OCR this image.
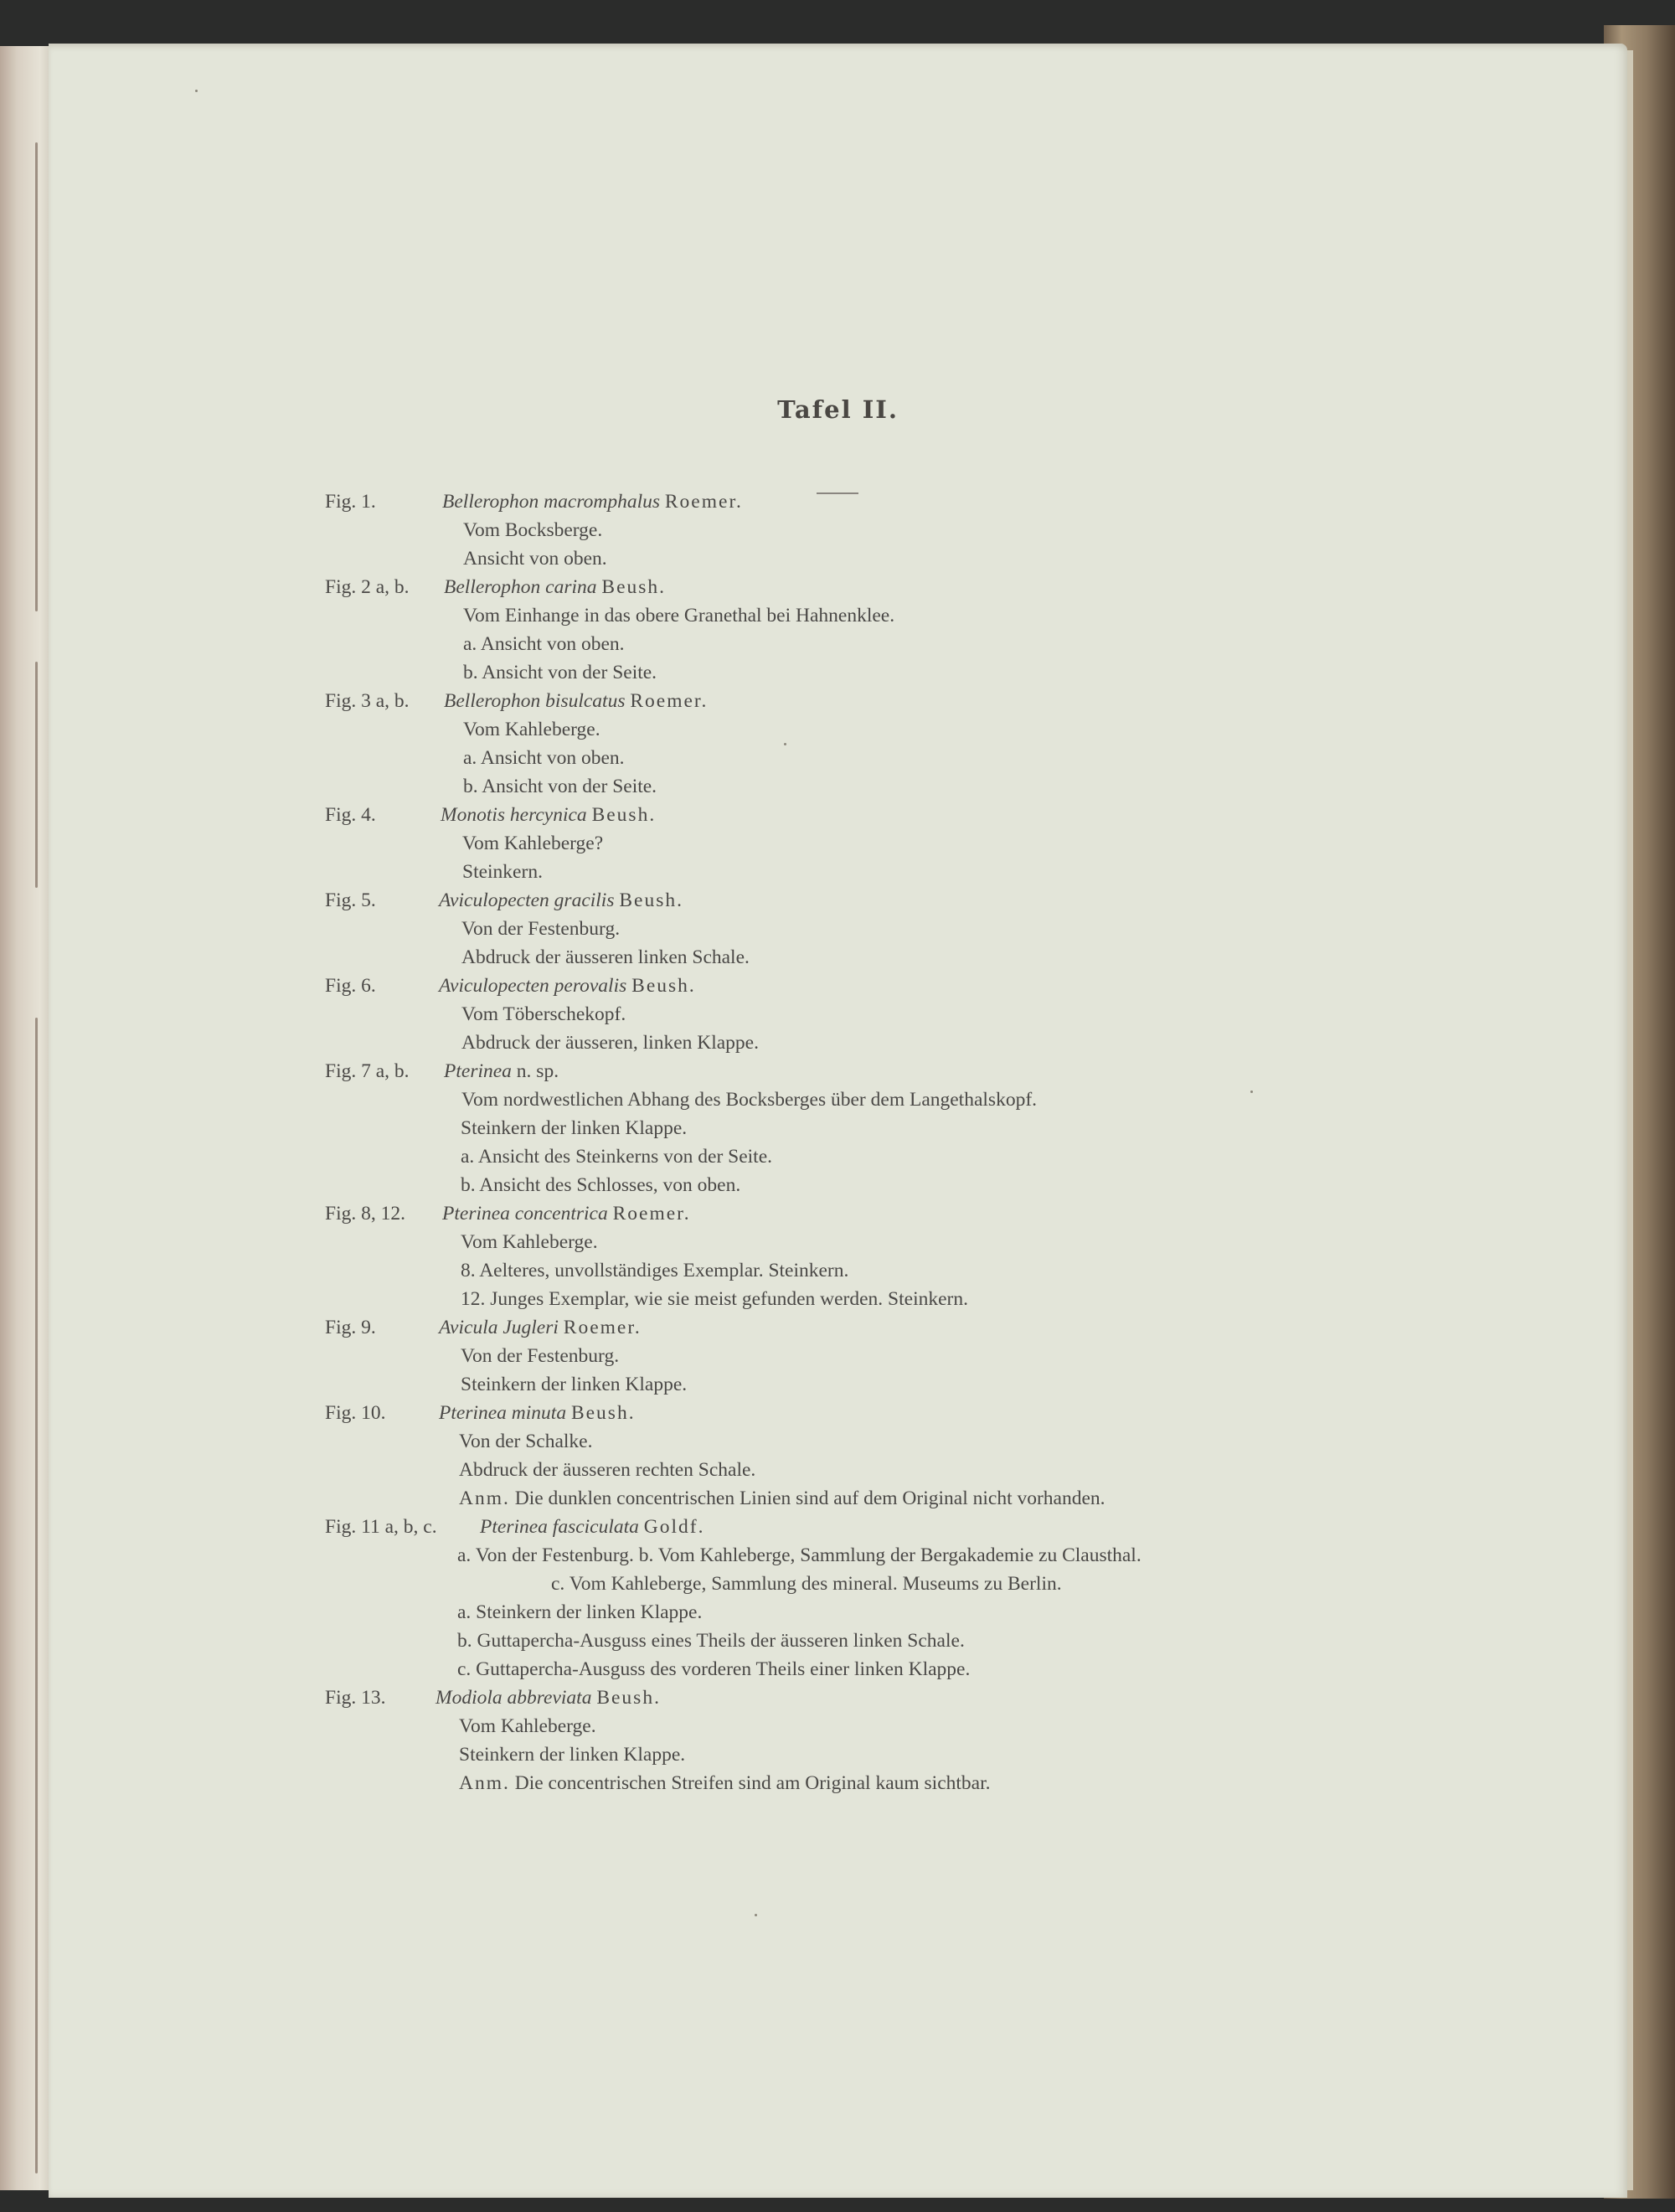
Tafel II.
Fig. 1.	Bellerophon macromphalus Roemer.
Vom Bocksberge.
Ansicht von oben.
Fig. 2 a, b. Bellerophon carina Beush.
Vom Einhange in das obere Granethal bei Hahnenklee.
a. Ansicht von oben.
b. Ansicht von der Seite.
Fig. 3 a, b. Bellerophon bisulcatus Roemer.
Vom Kahleberge.
a. Ansicht von oben.
b. Ansicht von der Seite.
Fig. 4.	Monotis hercynica Beush.
Vom Kahleberge?
Steinkern.
Fig. 5.	Aviculopecten gracilis Beush.
Von der Festenburg.
Abdruck der äusseren linken Schale.
Fig. 6.	Aviculopecten perovalis Beush.
Vom Töberschekopf.
Abdruck der äusseren, linken Klappe.
Fig. 7 a, b. Pterinea n. sp.
Vom nordwestlichen Abhang des Bocksberges über dem Langethalskopf.
Steinkern der linken Klappe.
a. Ansicht des Steinkerns von der Seite.
b. Ansicht des Schlosses, von oben.
Fig. 8, 12. Pterinea concentrica Roemer.
Vom Kahleberge.
8. Aelteres, unvollständiges Exemplar. Steinkern.
12. Junges Exemplar, wie sie meist gefunden werden. Steinkern.
Fig. 9.	Avicula Jugleri Roemer.
Von der Festenburg.
Steinkern der linken Klappe.
Fig. 10.	Pterinea minuta Beush.
Von der Schalke.
Abdruck der äusseren rechten Schale.
Anm. Die dunklen concentrischen Linien sind auf dem Original nicht vorhanden.
Fig. 11 a, b, c. Pterinea fasciculata Goldf.
a. Von der Festenburg. b. Vom Kahleberge, Sammlung der Bergakademie zu Clausthal.
c. Vom Kahleberge, Sammlung des mineral. Museums zu Berlin.
a. Steinkern der linken Klappe.
b. Guttapercha-Ausguss eines Theils der äusseren linken Schale.
c. Guttapercha-Ausguss des vorderen Theils einer linken Klappe.
Fig. 13.	Modiola abbreviata Beush.
Vom Kahleberge.
Steinkern der linken Klappe.
Anm. Die concentrischen Streifen sind am Original kaum sichtbar.
